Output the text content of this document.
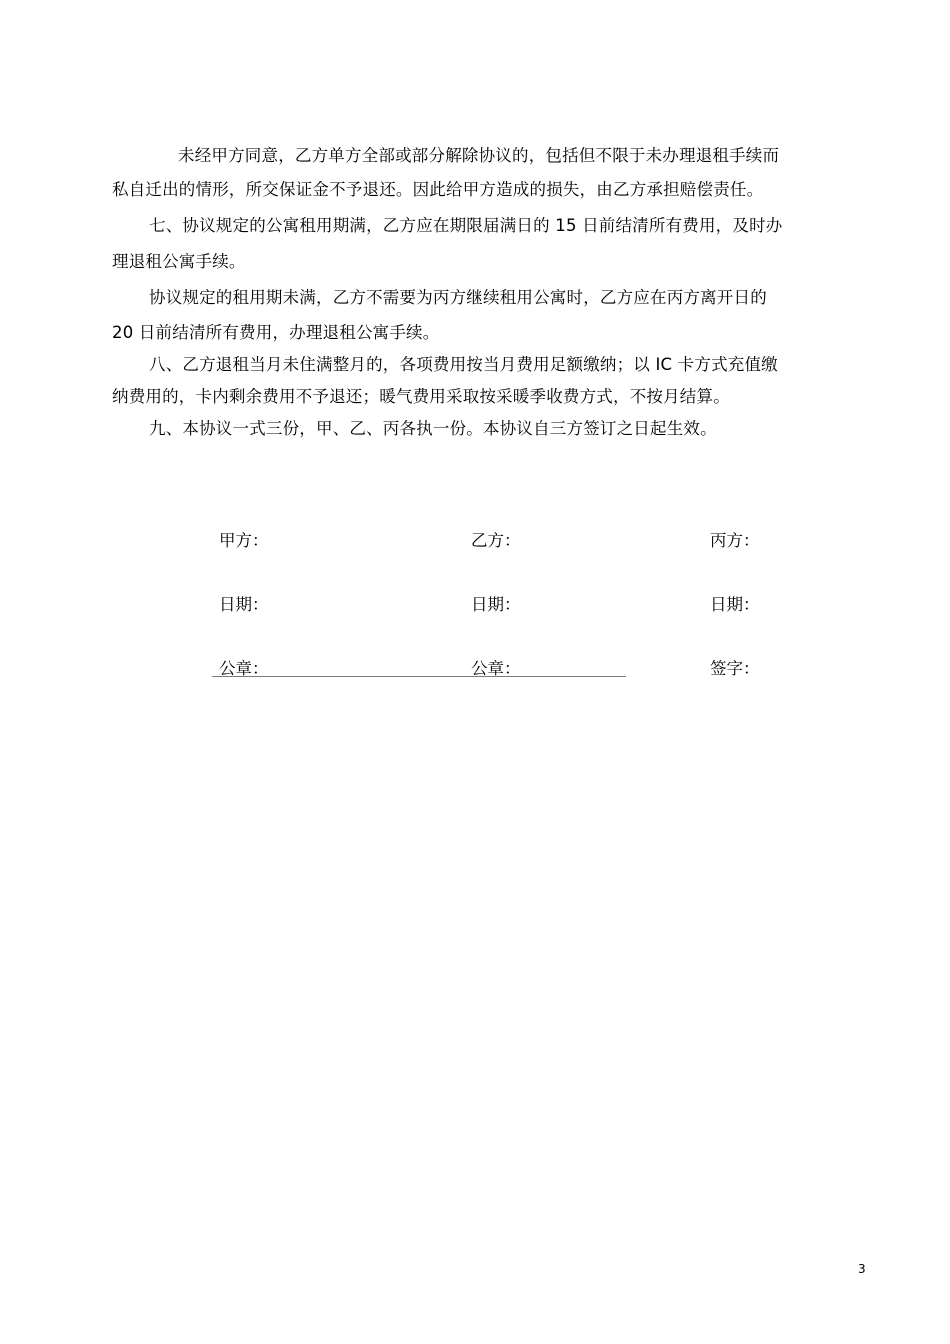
未经甲方同意，乙方单方全部或部分解除协议的，包括但不限于未办理退租手续而
私自迁出的情形，所交保证金不予退还。因此给甲方造成的损失，由乙方承担赔偿责任。

七、协议规定的公寓租用期满，乙方应在期限届满日的 15 日前结清所有费用，及时办
理退租公寓手续。

协议规定的租用期未满，乙方不需要为丙方继续租用公寓时，乙方应在丙方离开日的
20 日前结清所有费用，办理退租公寓手续。

八、乙方退租当月未住满整月的，各项费用按当月费用足额缴纳；以 IC 卡方式充值缴
纳费用的，卡内剩余费用不予退还；暖气费用采取按采暖季收费方式，不按月结算。

九、本协议一式三份，甲、乙、丙各执一份。本协议自三方签订之日起生效。

甲方：	乙方：	丙方：
日期：	日期：	日期：
公章：	公章：	签字：
3
